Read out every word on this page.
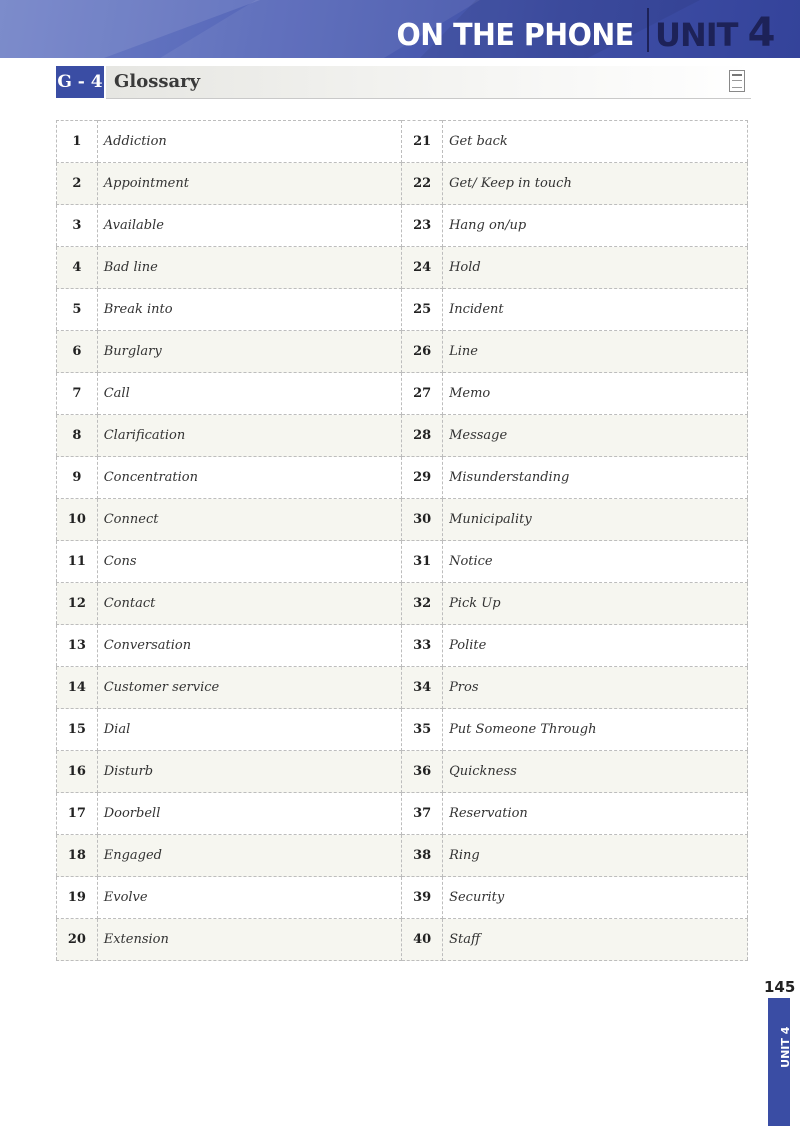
ON THE PHONE UNIT 4
G - 4 Glossary
1	Addiction	21	Get back
2	Appointment	22	Get/ Keep in touch
3	Available	23	Hang on/up
4	Bad line	24	Hold
5	Break into	25	Incident
6	Burglary	26	Line
7	Call	27	Memo
8	Clarification	28	Message
9	Concentration	29	Misunderstanding
10	Connect	30	Municipality
11	Cons	31	Notice
12	Contact	32	Pick Up
13	Conversation	33	Polite
14	Customer service	34	Pros
15	Dial	35	Put Someone Through
16	Disturb	36	Quickness
17	Doorbell	37	Reservation
18	Engaged	38	Ring
19	Evolve	39	Security
20	Extension	40	Staff
145
UNIT 4
